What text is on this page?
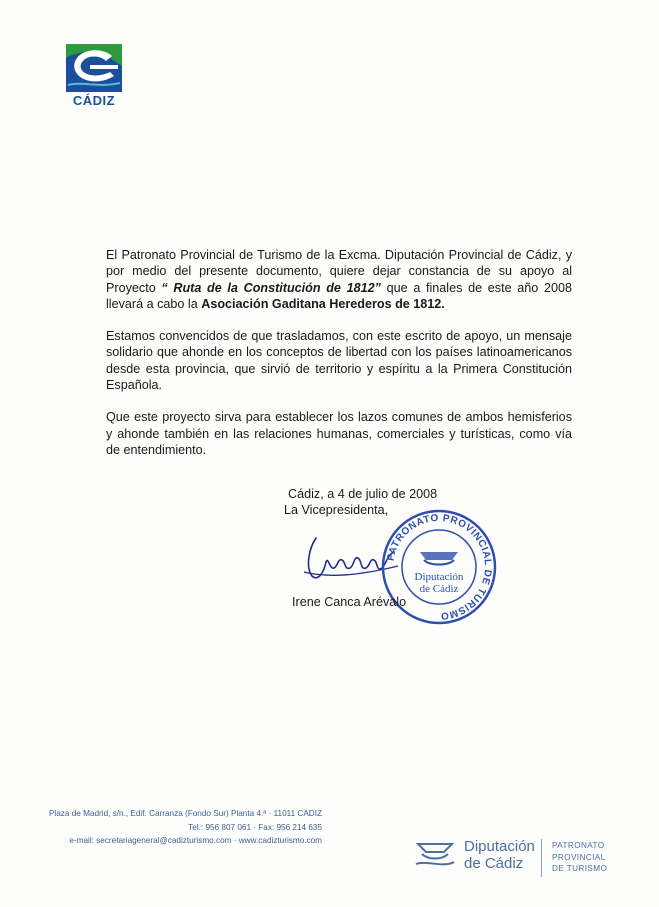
CÁDIZ

El Patronato Provincial de Turismo de la Excma. Diputación Provincial de Cádiz, y por medio del presente documento, quiere dejar constancia de su apoyo al Proyecto “ Ruta de la Constitución de 1812” que a finales de este año 2008 llevará a cabo la Asociación Gaditana Herederos de 1812.

Estamos convencidos de que trasladamos, con este escrito de apoyo, un mensaje solidario que ahonde en los conceptos de libertad con los países latinoamericanos desde esta provincia, que sirvió de territorio y espíritu a la Primera Constitución Española.

Que este proyecto sirva para establecer los lazos comunes de ambos hemisferios y ahonde también en las relaciones humanas, comerciales y turísticas, como vía de entendimiento.

Cádiz, a 4 de julio de 2008
La Vicepresidenta,
PATRONATO PROVINCIAL DE TURISMO
Diputación
de Cádiz
Irene Canca Arévalo
Plaza de Madrid, s/n., Edif. Carranza (Fondo Sur) Planta 4.ª · 11011 CADIZ
Tel.: 956 807 061 · Fax: 956 214 635
e-mail: secretariageneral@cadizturismo.com · www.cadizturismo.com	Diputación
de Cádiz
PATRONATO
PROVINCIAL
DE TURISMO
